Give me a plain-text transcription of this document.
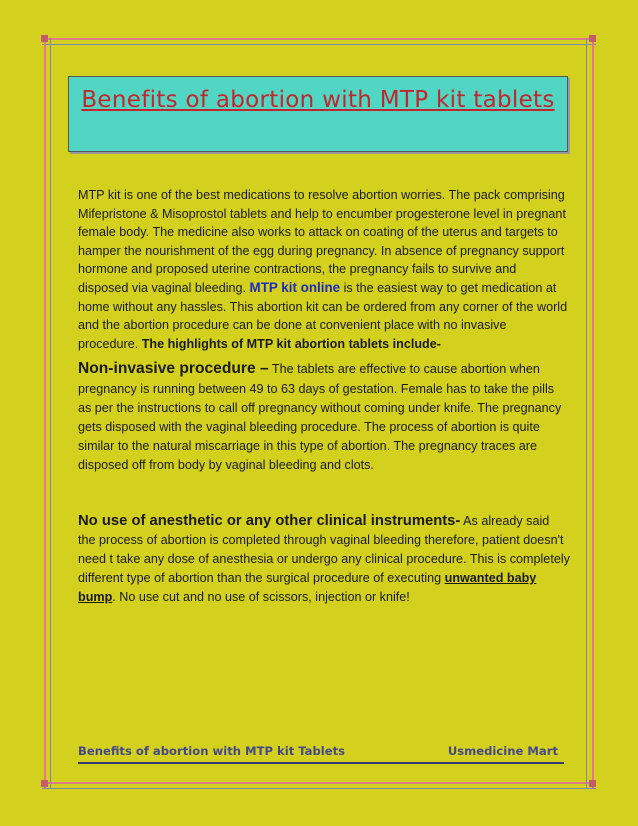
Benefits of abortion with MTP kit tablets

MTP kit is one of the best medications to resolve abortion worries. The pack comprising Mifepristone & Misoprostol tablets and help to encumber progesterone level in pregnant female body. The medicine also works to attack on coating of the uterus and targets to hamper the nourishment of the egg during pregnancy. In absence of pregnancy support hormone and proposed uterine contractions, the pregnancy fails to survive and disposed via vaginal bleeding. MTP kit online is the easiest way to get medication at home without any hassles. This abortion kit can be ordered from any corner of the world and the abortion procedure can be done at convenient place with no invasive procedure. The highlights of MTP kit abortion tablets include-

Non-invasive procedure – The tablets are effective to cause abortion when pregnancy is running between 49 to 63 days of gestation. Female has to take the pills as per the instructions to call off pregnancy without coming under knife. The pregnancy gets disposed with the vaginal bleeding procedure. The process of abortion is quite similar to the natural miscarriage in this type of abortion. The pregnancy traces are disposed off from body by vaginal bleeding and clots.

No use of anesthetic or any other clinical instruments- As already said the process of abortion is completed through vaginal bleeding therefore, patient doesn't need t take any dose of anesthesia or undergo any clinical procedure. This is completely different type of abortion than the surgical procedure of executing unwanted baby bump. No use cut and no use of scissors, injection or knife!

Benefits of abortion with MTP kit Tablets	Usmedicine Mart
